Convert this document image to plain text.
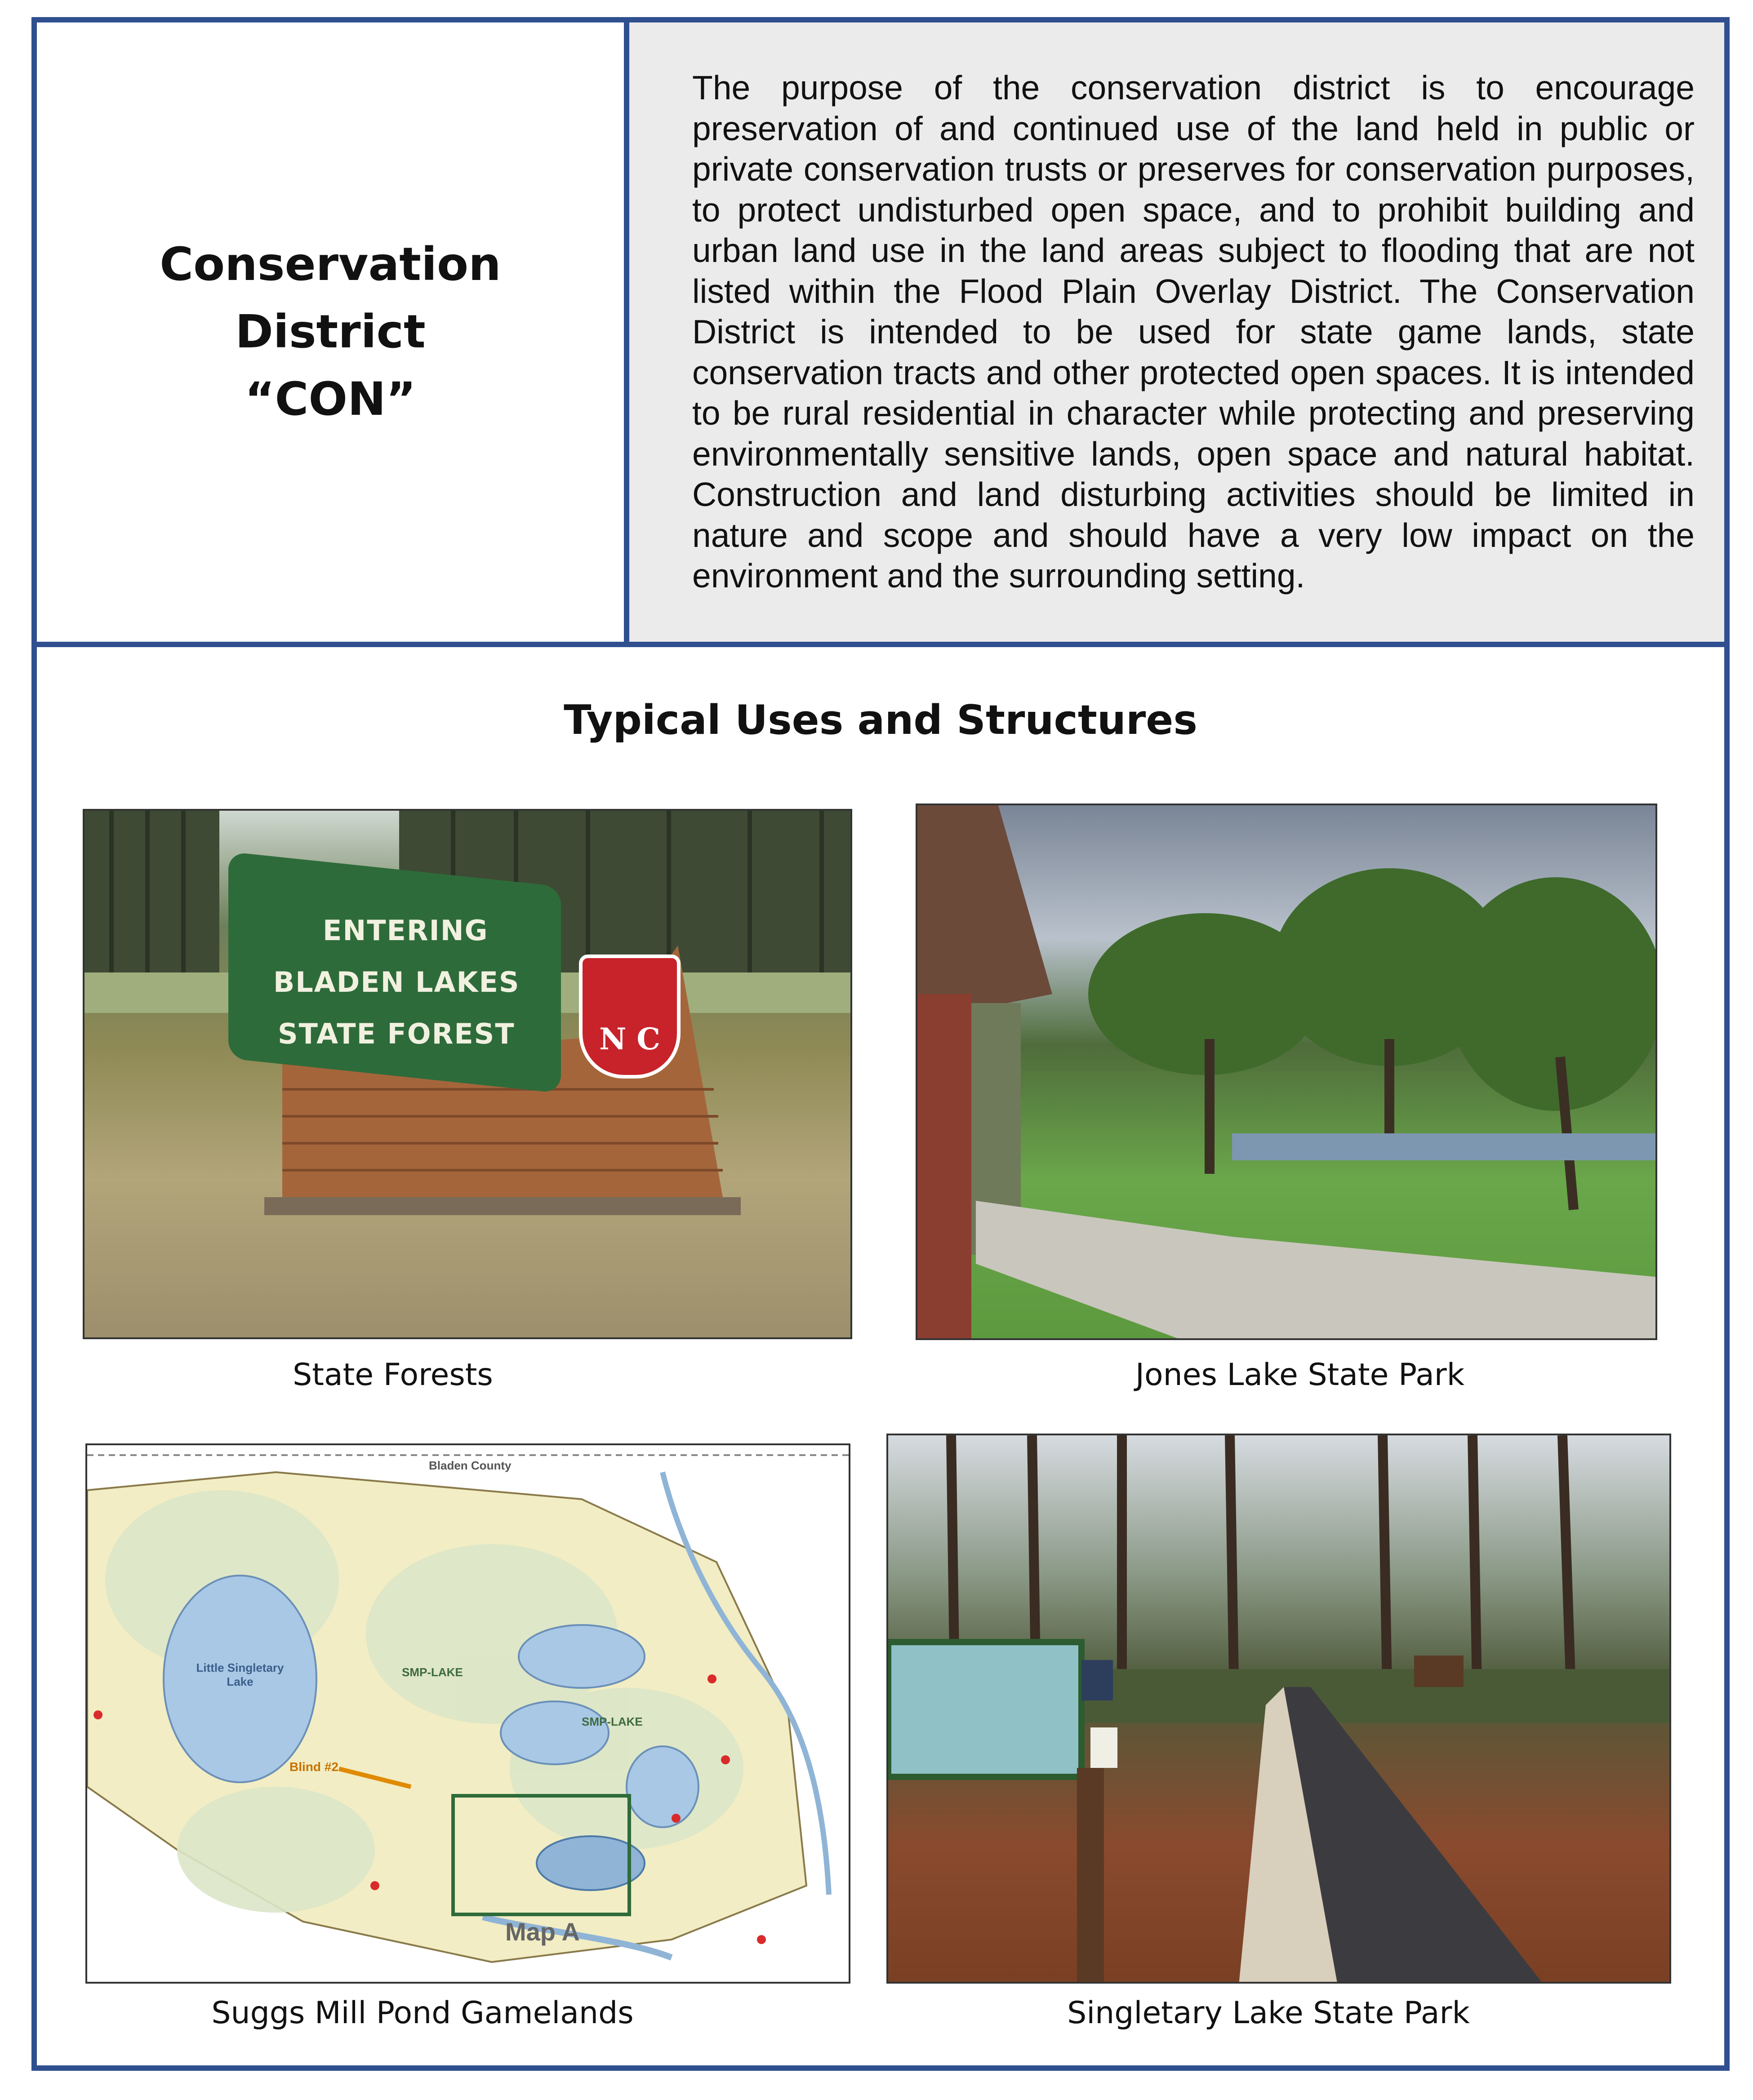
Conservation
District
“CON”
The purpose of the conservation district is to encourage preservation of and continued use of the land held in public or private conservation trusts or preserves for conservation purposes, to protect undisturbed open space, and to prohibit building and urban land use in the land areas subject to flooding that are not listed within the Flood Plain Overlay District. The Conservation District is intended to be used for state game lands, state conservation tracts and other protected open spaces. It is intended to be rural residential in character while protecting and preserving environmentally sensitive lands, open space and natural habitat. Construction and land disturbing activities should be limited in nature and scope and should have a very low impact on the environment and the surrounding setting.
Typical Uses and Structures
ENTERING
BLADEN LAKES
STATE FOREST	N C
State Forests	Jones Lake State Park
Bladen County
Little Singletary Lake
SMP-LAKE
SMP-LAKE
Blind #2
Map A
Suggs Mill Pond Gamelands	Singletary Lake State Park
